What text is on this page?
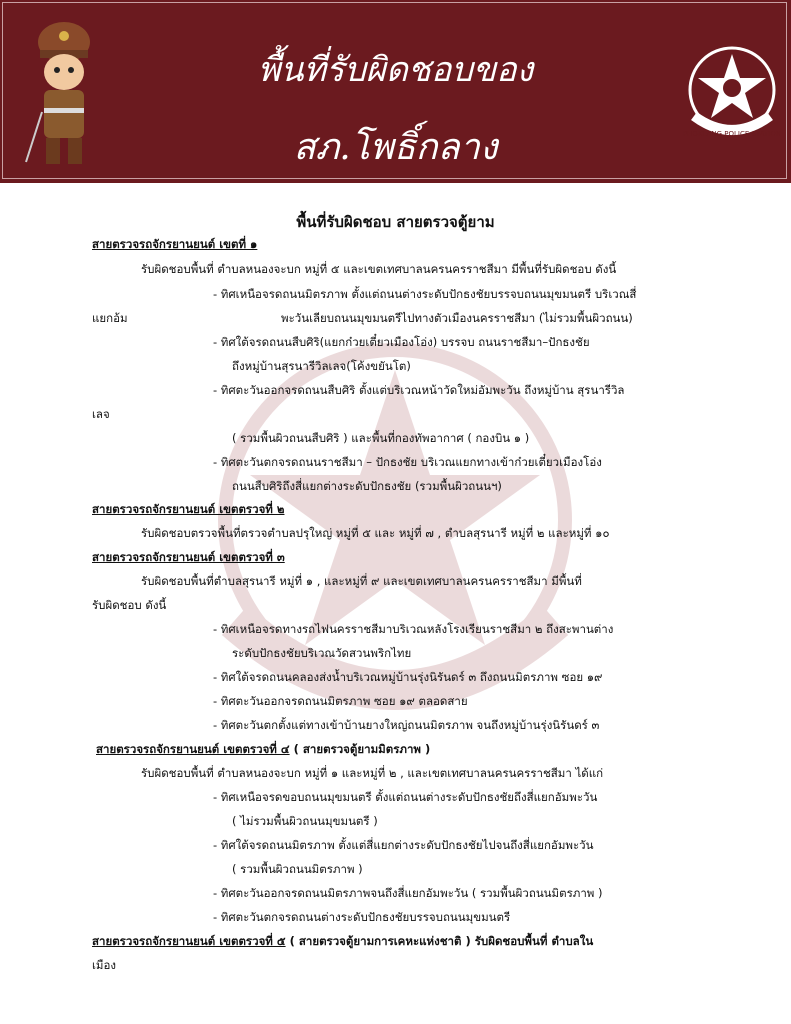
พื้นที่รับผิดชอบของ
สภ.โพธิ์กลาง	PHOKLANG POLICE STATION
พื้นที่รับผิดชอบ สายตรวจตู้ยาม
สายตรวจรถจักรยานยนต์ เขตที่ ๑
รับผิดชอบพื้นที่ ตำบลหนองจะบก หมู่ที่ ๕ และเขตเทศบาลนครนครราชสีมา มีพื้นที่รับผิดชอบ ดังนี้
- ทิศเหนือจรดถนนมิตรภาพ ตั้งแต่ถนนต่างระดับปักธงชัยบรรจบถนนมุขมนตรี บริเวณสี่
แยกอ้ม	พะวันเลียบถนนมุขมนตรีไปทางตัวเมืองนครราชสีมา (ไม่รวมพื้นผิวถนน)
- ทิศใต้จรดถนนสืบศิริ(แยกก๋วยเตี๋ยวเมืองโอ่ง) บรรจบ ถนนราชสีมา–ปักธงชัย
ถึงหมู่บ้านสุรนารีวิลเลจ(โค้งขยันโต)
- ทิศตะวันออกจรดถนนสืบศิริ ตั้งแต่บริเวณหน้าวัดใหม่อัมพะวัน ถึงหมู่บ้าน สุรนารีวิล
เลจ
( รวมพื้นผิวถนนสืบศิริ ) และพื้นที่กองทัพอากาศ ( กองบิน ๑ )
- ทิศตะวันตกจรดถนนราชสีมา – ปักธงชัย บริเวณแยกทางเข้าก๋วยเตี๋ยวเมืองโอ่ง
ถนนสืบศิริถึงสี่แยกต่างระดับปักธงชัย (รวมพื้นผิวถนนฯ)
สายตรวจรถจักรยานยนต์ เขตตรวจที่ ๒
รับผิดชอบตรวจพื้นที่ตรวจตำบลปรุใหญ่ หมู่ที่ ๕ และ หมู่ที่ ๗ , ตำบลสุรนารี หมู่ที่ ๒ และหมู่ที่ ๑๐
สายตรวจรถจักรยานยนต์ เขตตรวจที่ ๓
รับผิดชอบพื้นที่ตำบลสุรนารี หมู่ที่ ๑ , และหมู่ที่ ๙ และเขตเทศบาลนครนครราชสีมา มีพื้นที่
รับผิดชอบ ดังนี้
- ทิศเหนือจรดทางรถไฟนครราชสีมาบริเวณหลังโรงเรียนราชสีมา ๒ ถึงสะพานต่าง
ระดับปักธงชัยบริเวณวัดสวนพริกไทย
- ทิศใต้จรดถนนคลองส่งน้ำบริเวณหมู่บ้านรุ่งนิรันดร์ ๓ ถึงถนนมิตรภาพ ซอย ๑๙
- ทิศตะวันออกจรดถนนมิตรภาพ ซอย ๑๙ ตลอดสาย
- ทิศตะวันตกตั้งแต่ทางเข้าบ้านยางใหญ่ถนนมิตรภาพ จนถึงหมู่บ้านรุ่งนิรันดร์ ๓
สายตรวจรถจักรยานยนต์ เขตตรวจที่ ๔ ( สายตรวจตู้ยามมิตรภาพ )
รับผิดชอบพื้นที่ ตำบลหนองจะบก หมู่ที่ ๑ และหมู่ที่ ๒ , และเขตเทศบาลนครนครราชสีมา ได้แก่
- ทิศเหนือจรดขอบถนนมุขมนตรี ตั้งแต่ถนนต่างระดับปักธงชัยถึงสี่แยกอัมพะวัน
( ไม่รวมพื้นผิวถนนมุขมนตรี )
- ทิศใต้จรดถนนมิตรภาพ ตั้งแต่สี่แยกต่างระดับปักธงชัยไปจนถึงสี่แยกอัมพะวัน
( รวมพื้นผิวถนนมิตรภาพ )
- ทิศตะวันออกจรดถนนมิตรภาพจนถึงสี่แยกอัมพะวัน ( รวมพื้นผิวถนนมิตรภาพ )
- ทิศตะวันตกจรดถนนต่างระดับปักธงชัยบรรจบถนนมุขมนตรี
สายตรวจรถจักรยานยนต์ เขตตรวจที่ ๕ ( สายตรวจตู้ยามการเคหะแห่งชาติ ) รับผิดชอบพื้นที่ ตำบลใน
เมือง
